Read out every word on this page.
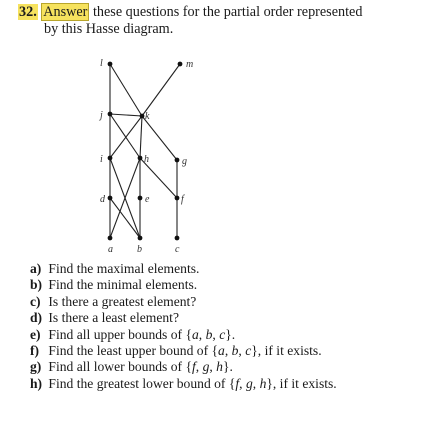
32. Answer these questions for the partial order represented
by this Hasse diagram.
l	m
j	k
i	h	g
d	e	f
a b	c
a) Find the maximal elements.
b) Find the minimal elements.
c) Is there a greatest element?
d) Is there a least element?
e) Find all upper bounds of {a, b, c}.
f) Find the least upper bound of {a, b, c}, if it exists.
g) Find all lower bounds of {f, g, h}.
h) Find the greatest lower bound of {f, g, h}, if it exists.
